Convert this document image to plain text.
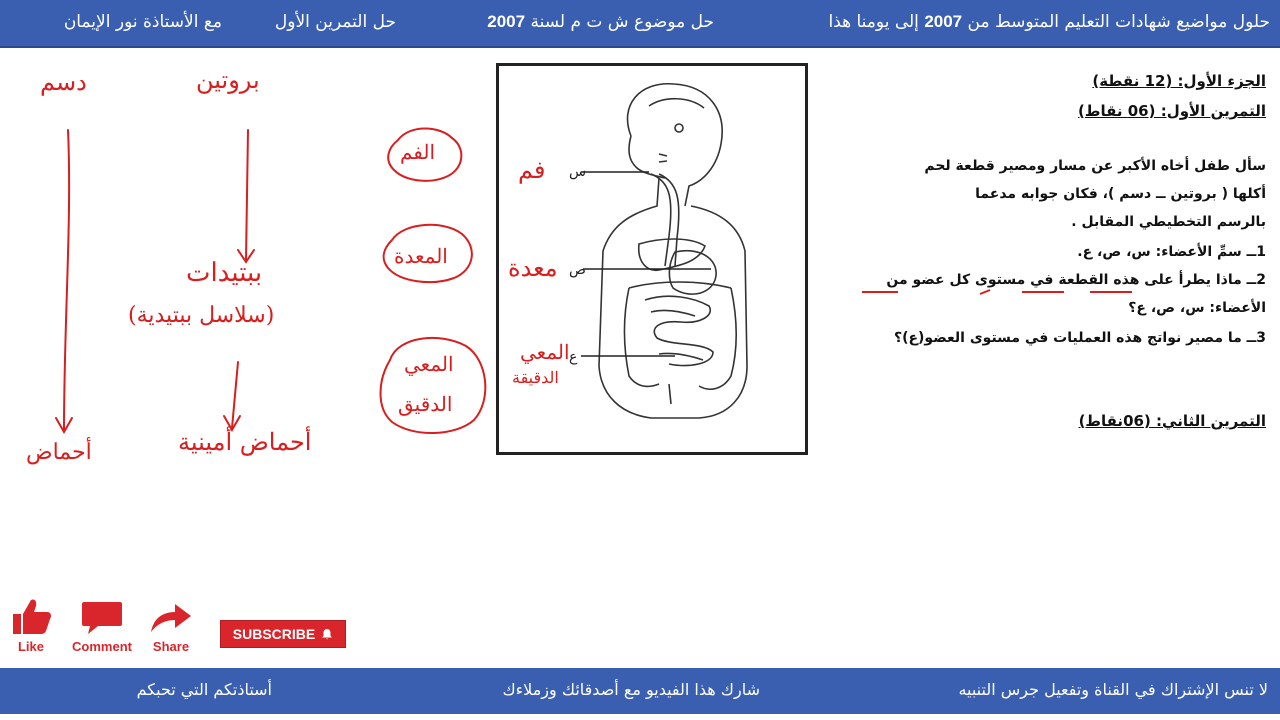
حلول مواضيع شهادات التعليم المتوسط من 2007 إلى يومنا هذا
حل موضوع ش ت م لسنة 2007
حل التمرين الأول
مع الأستاذة نور الإيمان
س
ص
ع
الجزء الأول: (12 نقطة)
التمرين الأول: (06 نقاط)
سأل طفل أخاه الأكبر عن مسار ومصير قطعة لحم
أكلها ( بروتين ــ دسم )، فكان جوابه مدعما
بالرسم التخطيطي المقابل .
1ــ سمِّ الأعضاء: س، ص، ع.
2ــ ماذا يطرأ على هذه القطعة في مستوى كل عضو من
الأعضاء: س، ص، ع؟
3ــ ما مصير نواتج هذه العمليات في مستوى العضو(ع)؟
التمرين الثاني: (06نقاط)
بروتين
دسم
ببتيدات
(سلاسل ببتيدية)
أحماض أمينية
أحماض
الفم
المعدة
المعي
الدقيق
فم
معدة
المعي
الدقيقة
Like	Comment	Share
SUBSCRIBE
لا تنس الإشتراك في القناة وتفعيل جرس التنبيه
شارك هذا الفيديو مع أصدقائك وزملاءك
أستاذتكم التي تحبكم
